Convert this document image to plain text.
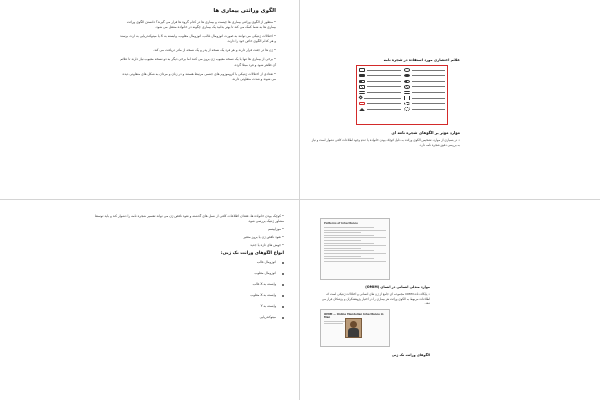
الگوی وراثتی بیماری ها

• منظور از الگوی وراثتی بیماری ها چیست و بیماری ها در کدام گروه ها قرار می گیرند؟ دانستن الگوی وراثت بیماری ها به شما کمک می کند تا بهتر بدانید یک بیماری چگونه در خانواده منتقل می شود.

• اختلالات ژنتیکی می توانند به صورت اتوزومال غالب، اتوزومال مغلوب، وابسته به X یا میتوکندریایی به ارث برسند و هر کدام الگوی خاص خود را دارند.

• ژن ها در جفت قرار دارند و هر فرد یک نسخه از پدر و یک نسخه از مادر دریافت می کند.

• برخی از بیماری ها تنها با یک نسخه معیوب ژن بروز می کنند اما برخی دیگر به دو نسخه معیوب نیاز دارند تا علائم آن ظاهر شود و فرد مبتلا گردد.

• تعدادی از اختلالات ژنتیکی با کروموزوم های جنسی مرتبط هستند و در زنان و مردان به شکل های متفاوتی دیده می شوند و شدت متفاوتی دارند.

علائم اختصاری مورد استفاده در شجره نامه
موارد موثر بر الگوهای شجره نامه ای

• در بسیاری از موارد، تشخیص الگوی وراثت به دلیل کوچک بودن خانواده یا عدم وجود اطلاعات کافی دشوار است و نیاز به بررسی دقیق شجره نامه دارد.

• کوچک بودن خانواده ها، فقدان اطلاعات کافی از نسل های گذشته و نفوذ ناقص ژن می تواند تفسیر شجره نامه را دشوار کند و باید توسط مشاور ژنتیک بررسی شود.

• موزاییسم

• نفوذ ناقص ژن یا بروز متغیر

• جهش های تازه یا جدید

انواع الگوهای وراثت تک ژنی:
اتوزومال غالب
اتوزومال مغلوب
وابسته به X غالب
وابسته به X مغلوب
وابسته به Y
میتوکندریایی
Patterns of Inheritance
موارد مندلی انسانی در انسان (OMIM)

• پایگاه داده OMIM مجموعه ای جامع از ژن های انسانی و اختلالات ژنتیکی است که اطلاعات مربوط به الگوی وراثت هر بیماری را در اختیار پژوهشگران و پزشکان قرار می دهد.

OMIM — Online Mendelian Inheritance in Man
الگوهای وراثت تک ژنی
